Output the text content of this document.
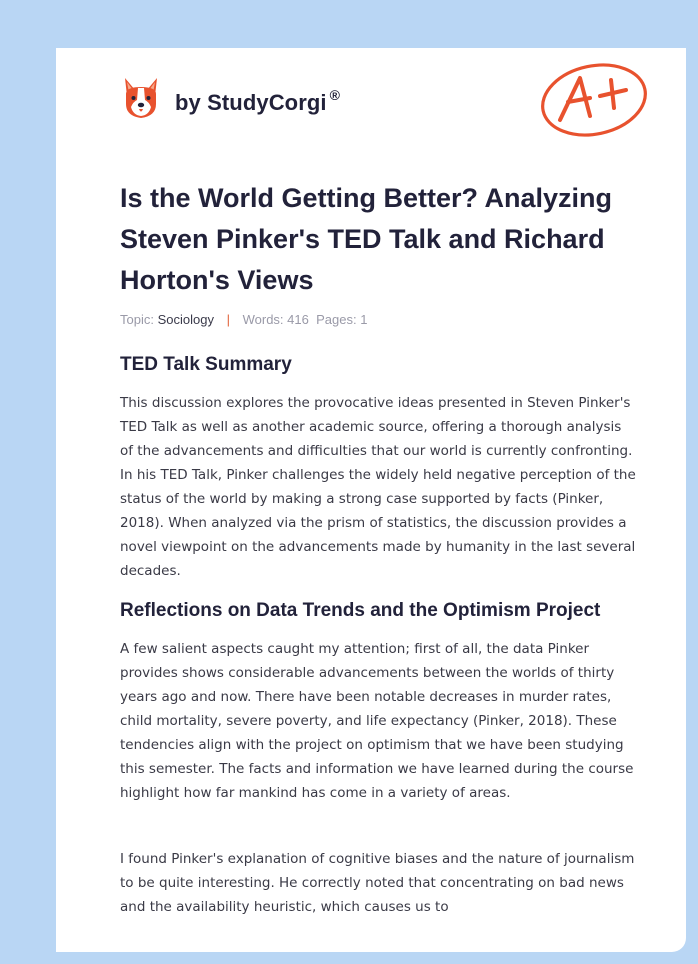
by StudyCorgi ®
Is the World Getting Better? Analyzing Steven Pinker's TED Talk and Richard Horton's Views
Topic: Sociology | Words: 416 Pages: 1
TED Talk Summary

This discussion explores the provocative ideas presented in Steven Pinker's TED Talk as well as another academic source, offering a thorough analysis of the advancements and difficulties that our world is currently confronting. In his TED Talk, Pinker challenges the widely held negative perception of the status of the world by making a strong case supported by facts (Pinker, 2018). When analyzed via the prism of statistics, the discussion provides a novel viewpoint on the advancements made by humanity in the last several decades.

Reflections on Data Trends and the Optimism Project

A few salient aspects caught my attention; first of all, the data Pinker provides shows considerable advancements between the worlds of thirty years ago and now. There have been notable decreases in murder rates, child mortality, severe poverty, and life expectancy (Pinker, 2018). These tendencies align with the project on optimism that we have been studying this semester. The facts and information we have learned during the course highlight how far mankind has come in a variety of areas.

I found Pinker's explanation of cognitive biases and the nature of journalism to be quite interesting. He correctly noted that concentrating on bad news and the availability heuristic, which causes us to
